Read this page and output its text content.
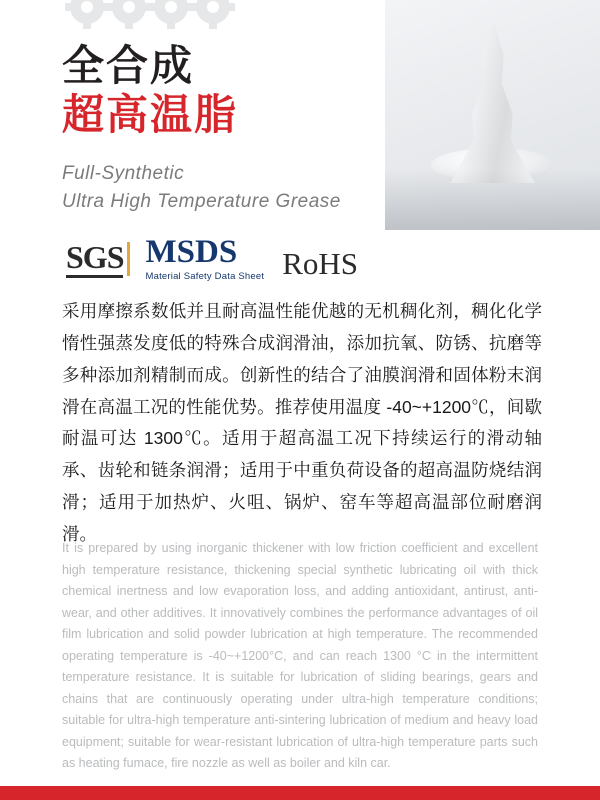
全合成
超高温脂
Full-Synthetic
Ultra High Temperature Grease
SGS MSDS
Material Safety Data Sheet RoHS
采用摩擦系数低并且耐高温性能优越的无机稠化剂，稠化化学惰性强蒸发度低的特殊合成润滑油，添加抗氧、防锈、抗磨等多种添加剂精制而成。创新性的结合了油膜润滑和固体粉末润滑在高温工况的性能优势。推荐使用温度 -40~+1200℃，间歇耐温可达 1300℃。适用于超高温工况下持续运行的滑动轴承、齿轮和链条润滑；适用于中重负荷设备的超高温防烧结润滑；适用于加热炉、火咀、锅炉、窑车等超高温部位耐磨润滑。
It is prepared by using inorganic thickener with low friction coefficient and excellent high temperature resistance, thickening special synthetic lubricating oil with thick chemical inertness and low evaporation loss, and adding antioxidant, antirust, anti-wear, and other additives. It innovatively combines the performance advantages of oil film lubrication and solid powder lubrication at high temperature. The recommended operating temperature is -40~+1200°C, and can reach 1300 °C in the intermittent temperature resistance. It is suitable for lubrication of sliding bearings, gears and chains that are continuously operating under ultra-high temperature conditions; suitable for ultra-high temperature anti-sintering lubrication of medium and heavy load equipment; suitable for wear-resistant lubrication of ultra-high temperature parts such as heating fumace, fire nozzle as well as boiler and kiln car.
